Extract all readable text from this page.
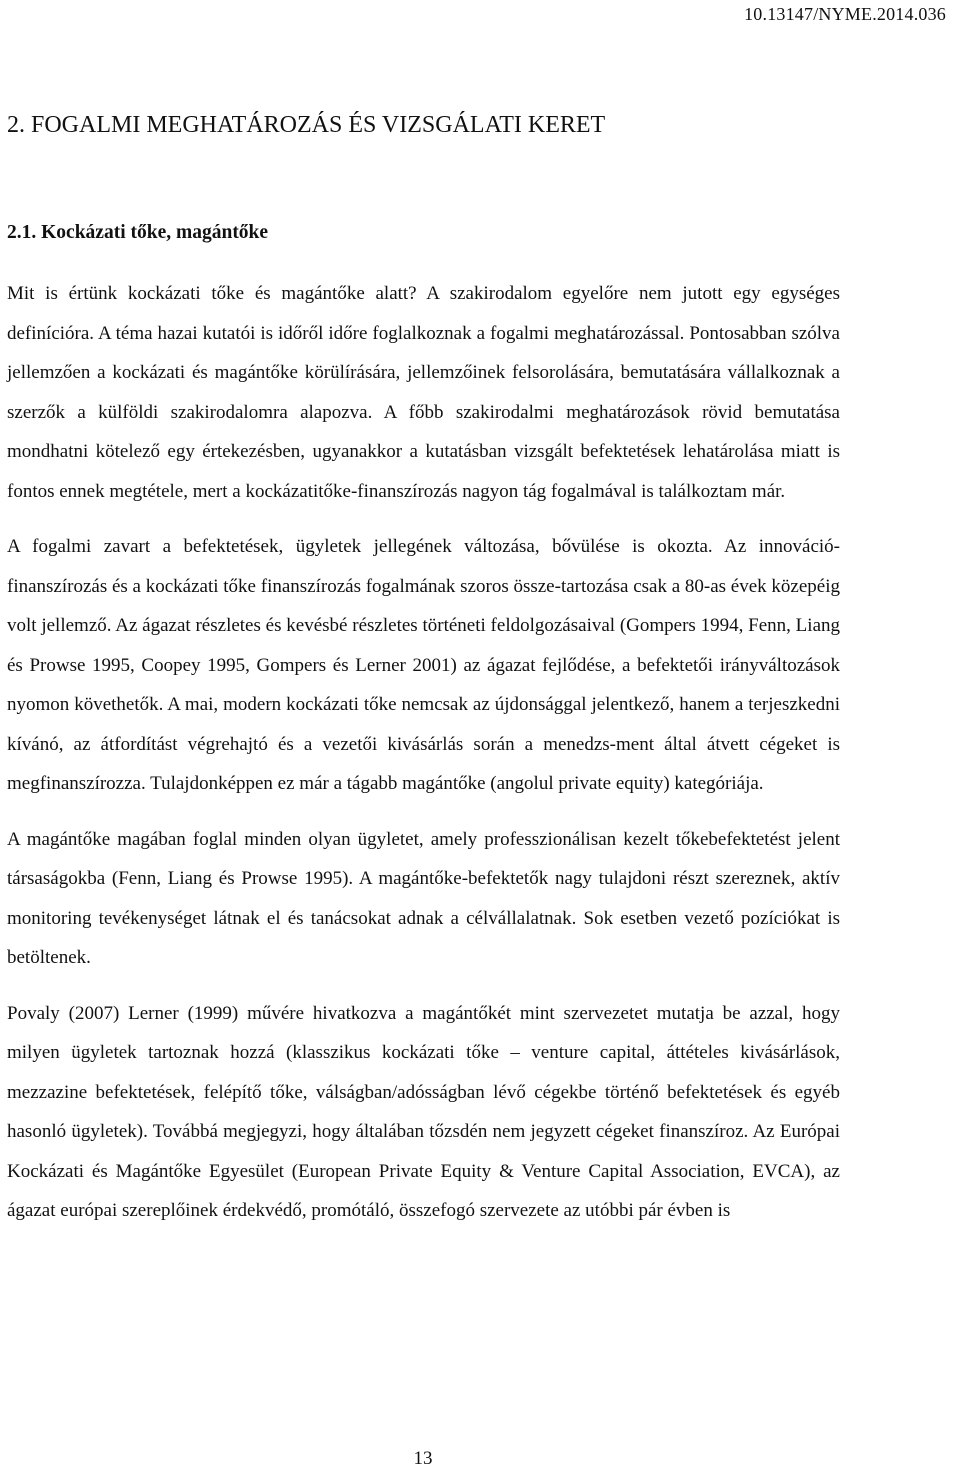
10.13147/NYME.2014.036
2. FOGALMI MEGHATÁROZÁS ÉS VIZSGÁLATI KERET
2.1. Kockázati tőke, magántőke

Mit is értünk kockázati tőke és magántőke alatt? A szakirodalom egyelőre nem jutott egy egységes definícióra. A téma hazai kutatói is időről időre foglalkoznak a fogalmi meghatározással. Pontosabban szólva jellemzően a kockázati és magántőke körülírására, jellemzőinek felsorolására, bemutatására vállalkoznak a szerzők a külföldi szakirodalomra alapozva. A főbb szakirodalmi meghatározások rövid bemutatása mondhatni kötelező egy értekezésben, ugyanakkor a kutatásban vizsgált befektetések lehatárolása miatt is fontos ennek megtétele, mert a kockázatitőke-finanszírozás nagyon tág fogalmával is találkoztam már.

A fogalmi zavart a befektetések, ügyletek jellegének változása, bővülése is okozta. Az innováció-finanszírozás és a kockázati tőke finanszírozás fogalmának szoros össze-tartozása csak a 80-as évek közepéig volt jellemző. Az ágazat részletes és kevésbé részletes történeti feldolgozásaival (Gompers 1994, Fenn, Liang és Prowse 1995, Coopey 1995, Gompers és Lerner 2001) az ágazat fejlődése, a befektetői irányváltozások nyomon követhetők. A mai, modern kockázati tőke nemcsak az újdonsággal jelentkező, hanem a terjeszkedni kívánó, az átfordítást végrehajtó és a vezetői kivásárlás során a menedzs-ment által átvett cégeket is megfinanszírozza. Tulajdonképpen ez már a tágabb magántőke (angolul private equity) kategóriája.

A magántőke magában foglal minden olyan ügyletet, amely professzionálisan kezelt tőkebefektetést jelent társaságokba (Fenn, Liang és Prowse 1995). A magántőke-befektetők nagy tulajdoni részt szereznek, aktív monitoring tevékenységet látnak el és tanácsokat adnak a célvállalatnak. Sok esetben vezető pozíciókat is betöltenek.

Povaly (2007) Lerner (1999) művére hivatkozva a magántőkét mint szervezetet mutatja be azzal, hogy milyen ügyletek tartoznak hozzá (klasszikus kockázati tőke – venture capital, áttételes kivásárlások, mezzazine befektetések, felépítő tőke, válságban/adósságban lévő cégekbe történő befektetések és egyéb hasonló ügyletek). Továbbá megjegyzi, hogy általában tőzsdén nem jegyzett cégeket finanszíroz. Az Európai Kockázati és Magántőke Egyesület (European Private Equity & Venture Capital Association, EVCA), az ágazat európai szereplőinek érdekvédő, promótáló, összefogó szervezete az utóbbi pár évben is

13
